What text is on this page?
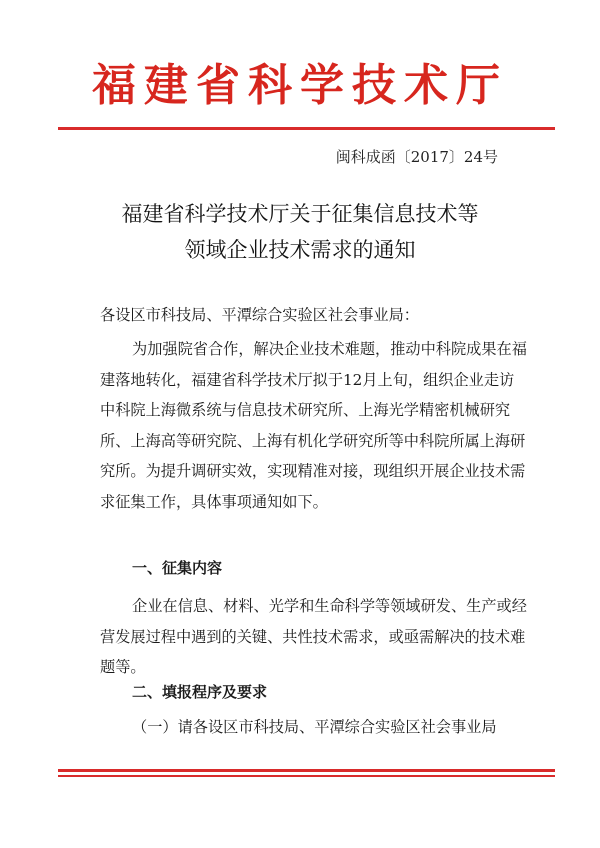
福建省科学技术厅
闽科成函〔2017〕24号
福建省科学技术厅关于征集信息技术等
领域企业技术需求的通知
各设区市科技局、平潭综合实验区社会事业局：
为加强院省合作，解决企业技术难题，推动中科院成果在福建落地转化，福建省科学技术厅拟于12月上旬，组织企业走访中科院上海微系统与信息技术研究所、上海光学精密机械研究所、上海高等研究院、上海有机化学研究所等中科院所属上海研究所。为提升调研实效，实现精准对接，现组织开展企业技术需求征集工作，具体事项通知如下。
一、征集内容
企业在信息、材料、光学和生命科学等领域研发、生产或经营发展过程中遇到的关键、共性技术需求，或亟需解决的技术难题等。
二、填报程序及要求
（一）请各设区市科技局、平潭综合实验区社会事业局
